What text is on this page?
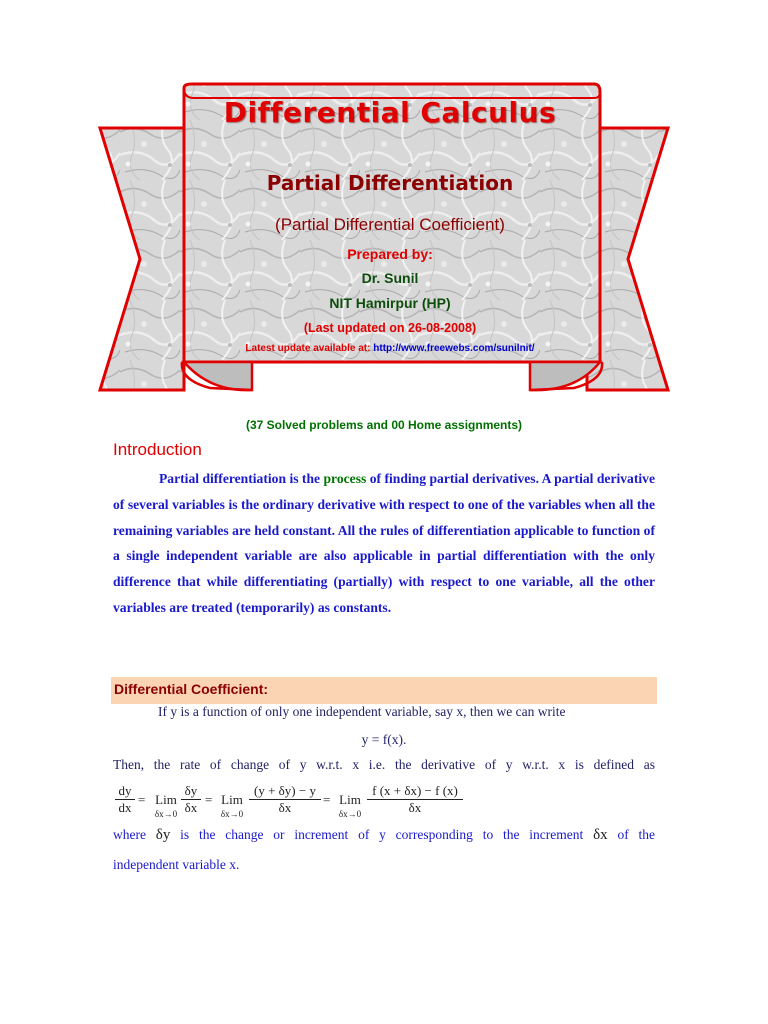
Differential Calculus
Partial Differentiation
(Partial Differential Coefficient)
Prepared by:
Dr. Sunil
NIT Hamirpur (HP)
(Last updated on 26-08-2008)
Latest update available at: http://www.freewebs.com/sunilnit/
(37 Solved problems and 00 Home assignments)
Introduction
Partial differentiation is the process of finding partial derivatives. A partial derivative of several variables is the ordinary derivative with respect to one of the variables when all the remaining variables are held constant. All the rules of differentiation applicable to function of a single independent variable are also applicable in partial differentiation with the only difference that while differentiating (partially) with respect to one variable, all the other variables are treated (temporarily) as constants.
Differential Coefficient:
If y is a function of only one independent variable, say x, then we can write
y = f(x).
Then, the rate of change of y w.r.t. x i.e. the derivative of y w.r.t. x is defined as
$\frac{dy}{dx}$ = Lim
$\delta x\to 0 \frac{\delta y}{\delta x}$ = Lim
$\delta x\to 0 \frac{(y + \delta y) - y}{\delta x}$ = Lim
$\delta x\to 0 \frac{f (x + \delta x) - f (x)}{\delta x}$
where δy is the change or increment of y corresponding to the increment δx of the
independent variable x.
